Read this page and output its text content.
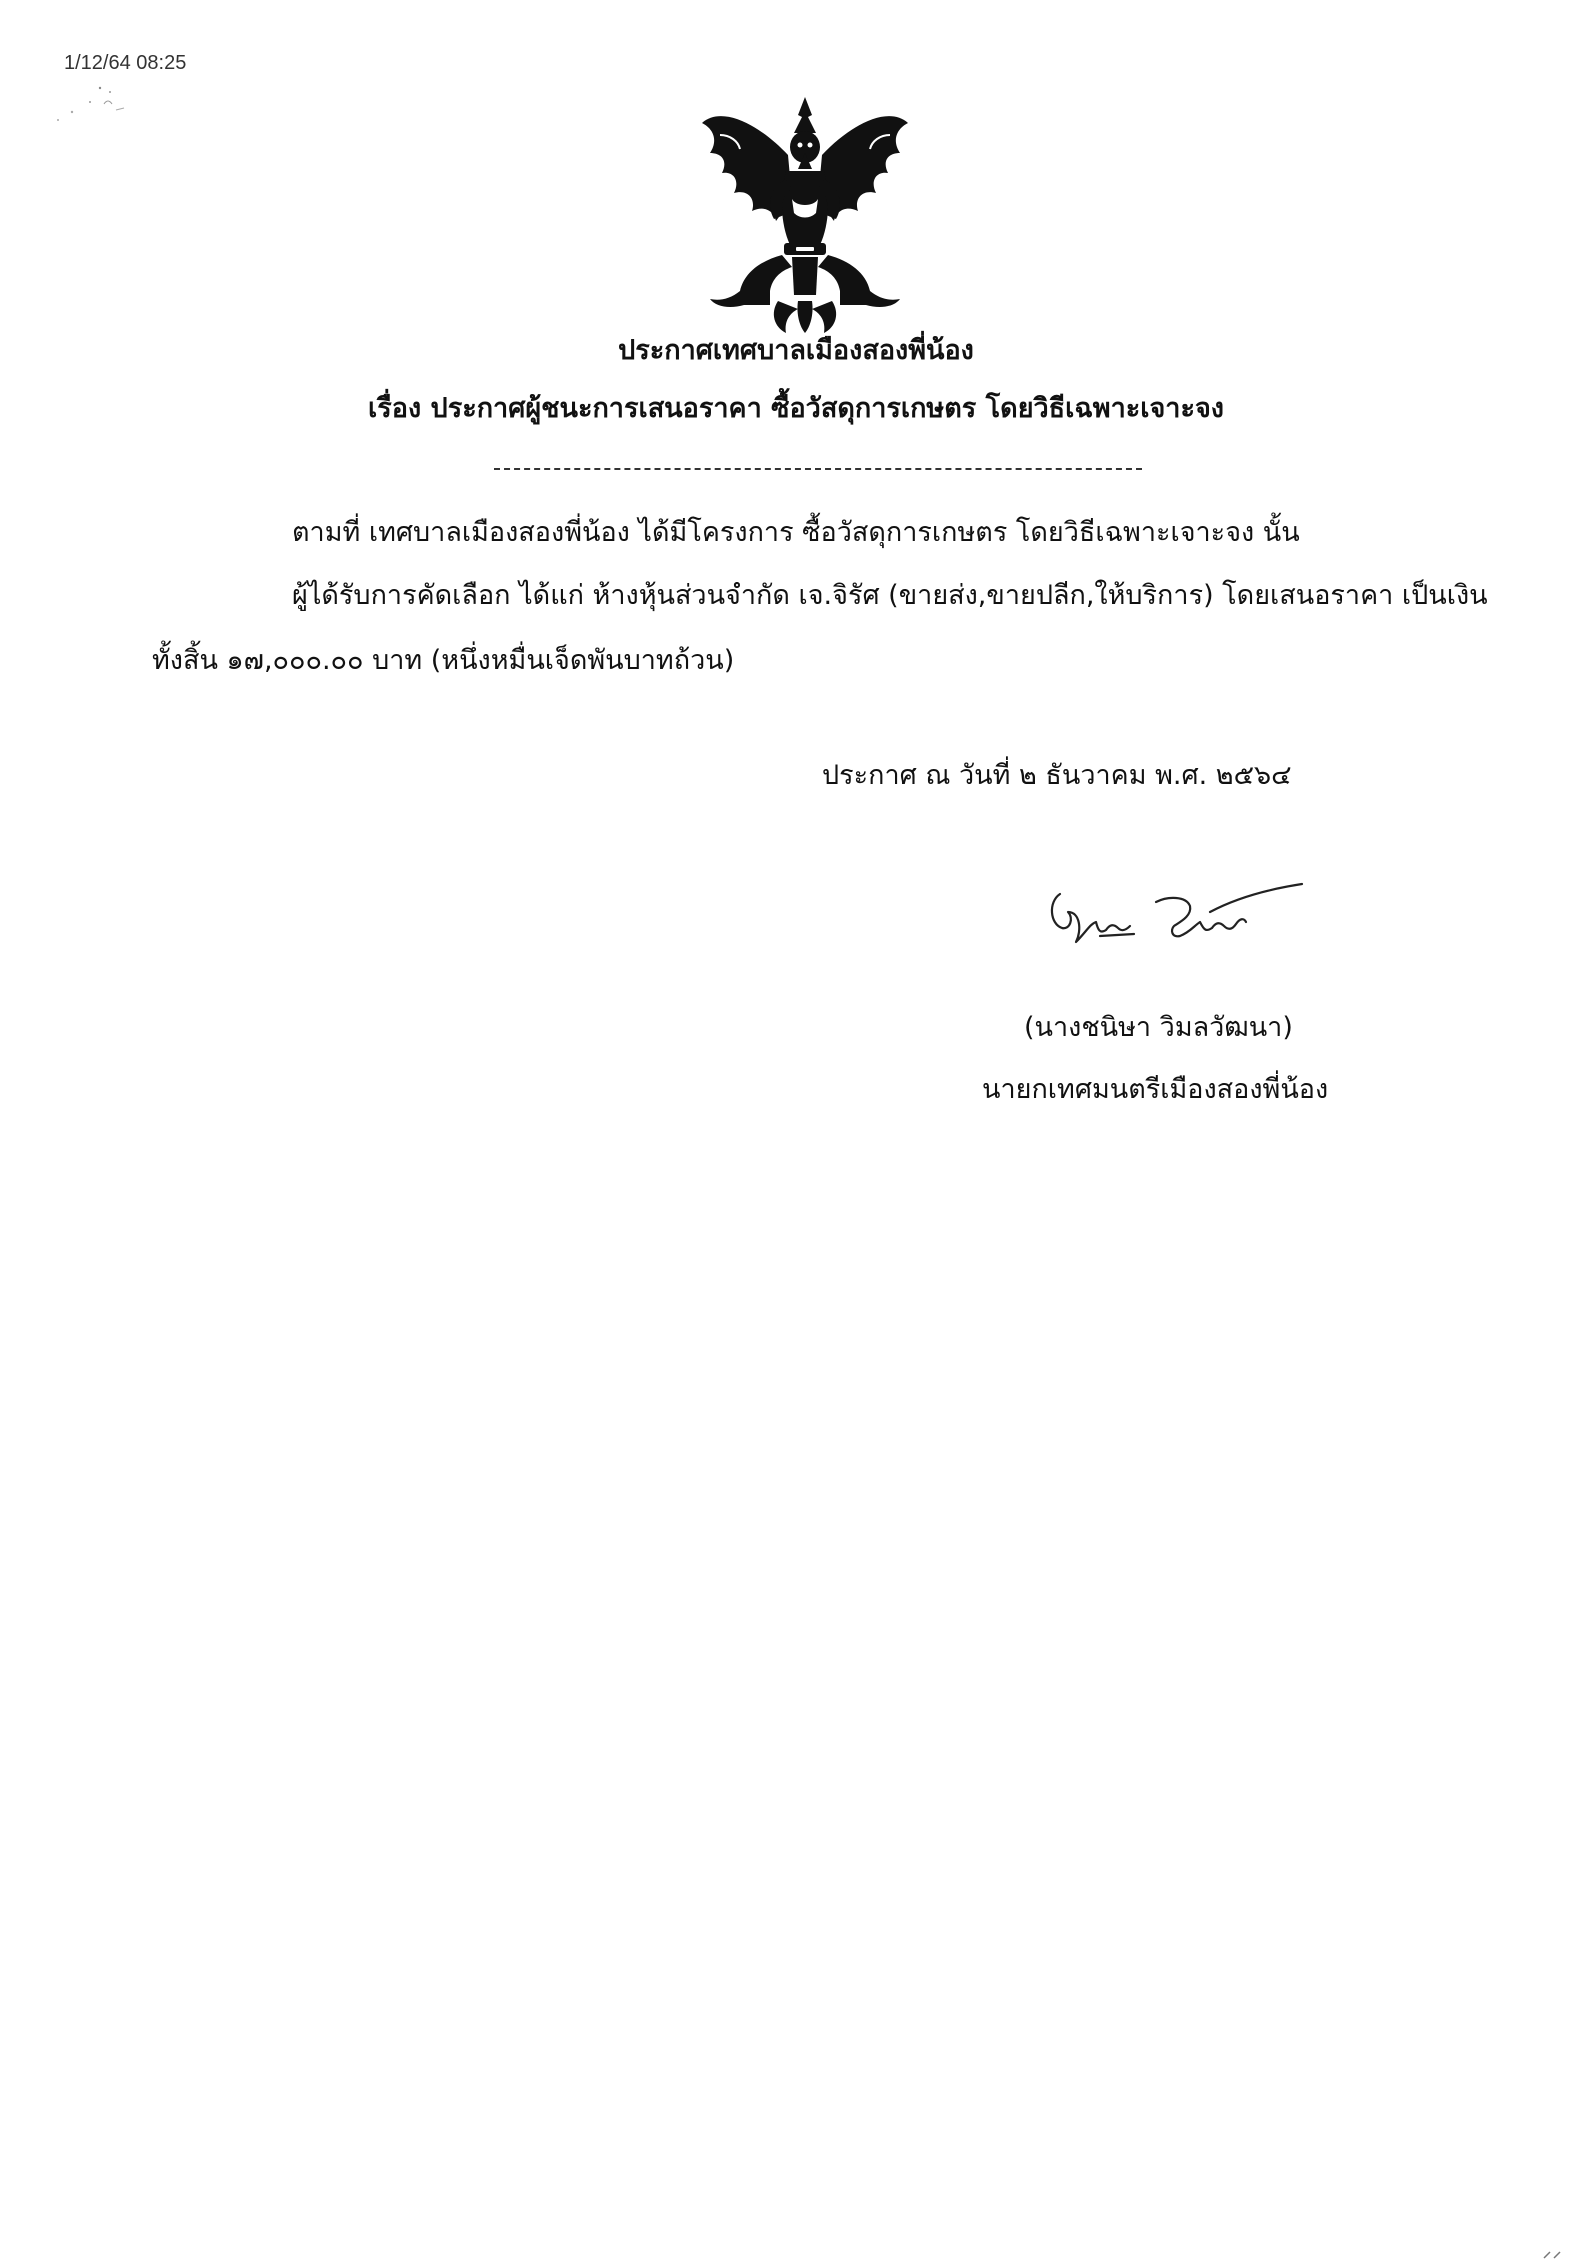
1/12/64 08:25
ประกาศเทศบาลเมืองสองพี่น้อง
เรื่อง ประกาศผู้ชนะการเสนอราคา ซื้อวัสดุการเกษตร โดยวิธีเฉพาะเจาะจง
ตามที่ เทศบาลเมืองสองพี่น้อง ได้มีโครงการ ซื้อวัสดุการเกษตร โดยวิธีเฉพาะเจาะจง นั้น
ผู้ได้รับการคัดเลือก ได้แก่ ห้างหุ้นส่วนจำกัด เจ.จิรัศ (ขายส่ง,ขายปลีก,ให้บริการ) โดยเสนอราคา เป็นเงิน
ทั้งสิ้น ๑๗,๐๐๐.๐๐ บาท (หนึ่งหมื่นเจ็ดพันบาทถ้วน)
ประกาศ ณ วันที่ ๒ ธันวาคม พ.ศ. ๒๕๖๔
(นางชนิษา วิมลวัฒนา)
นายกเทศมนตรีเมืองสองพี่น้อง
